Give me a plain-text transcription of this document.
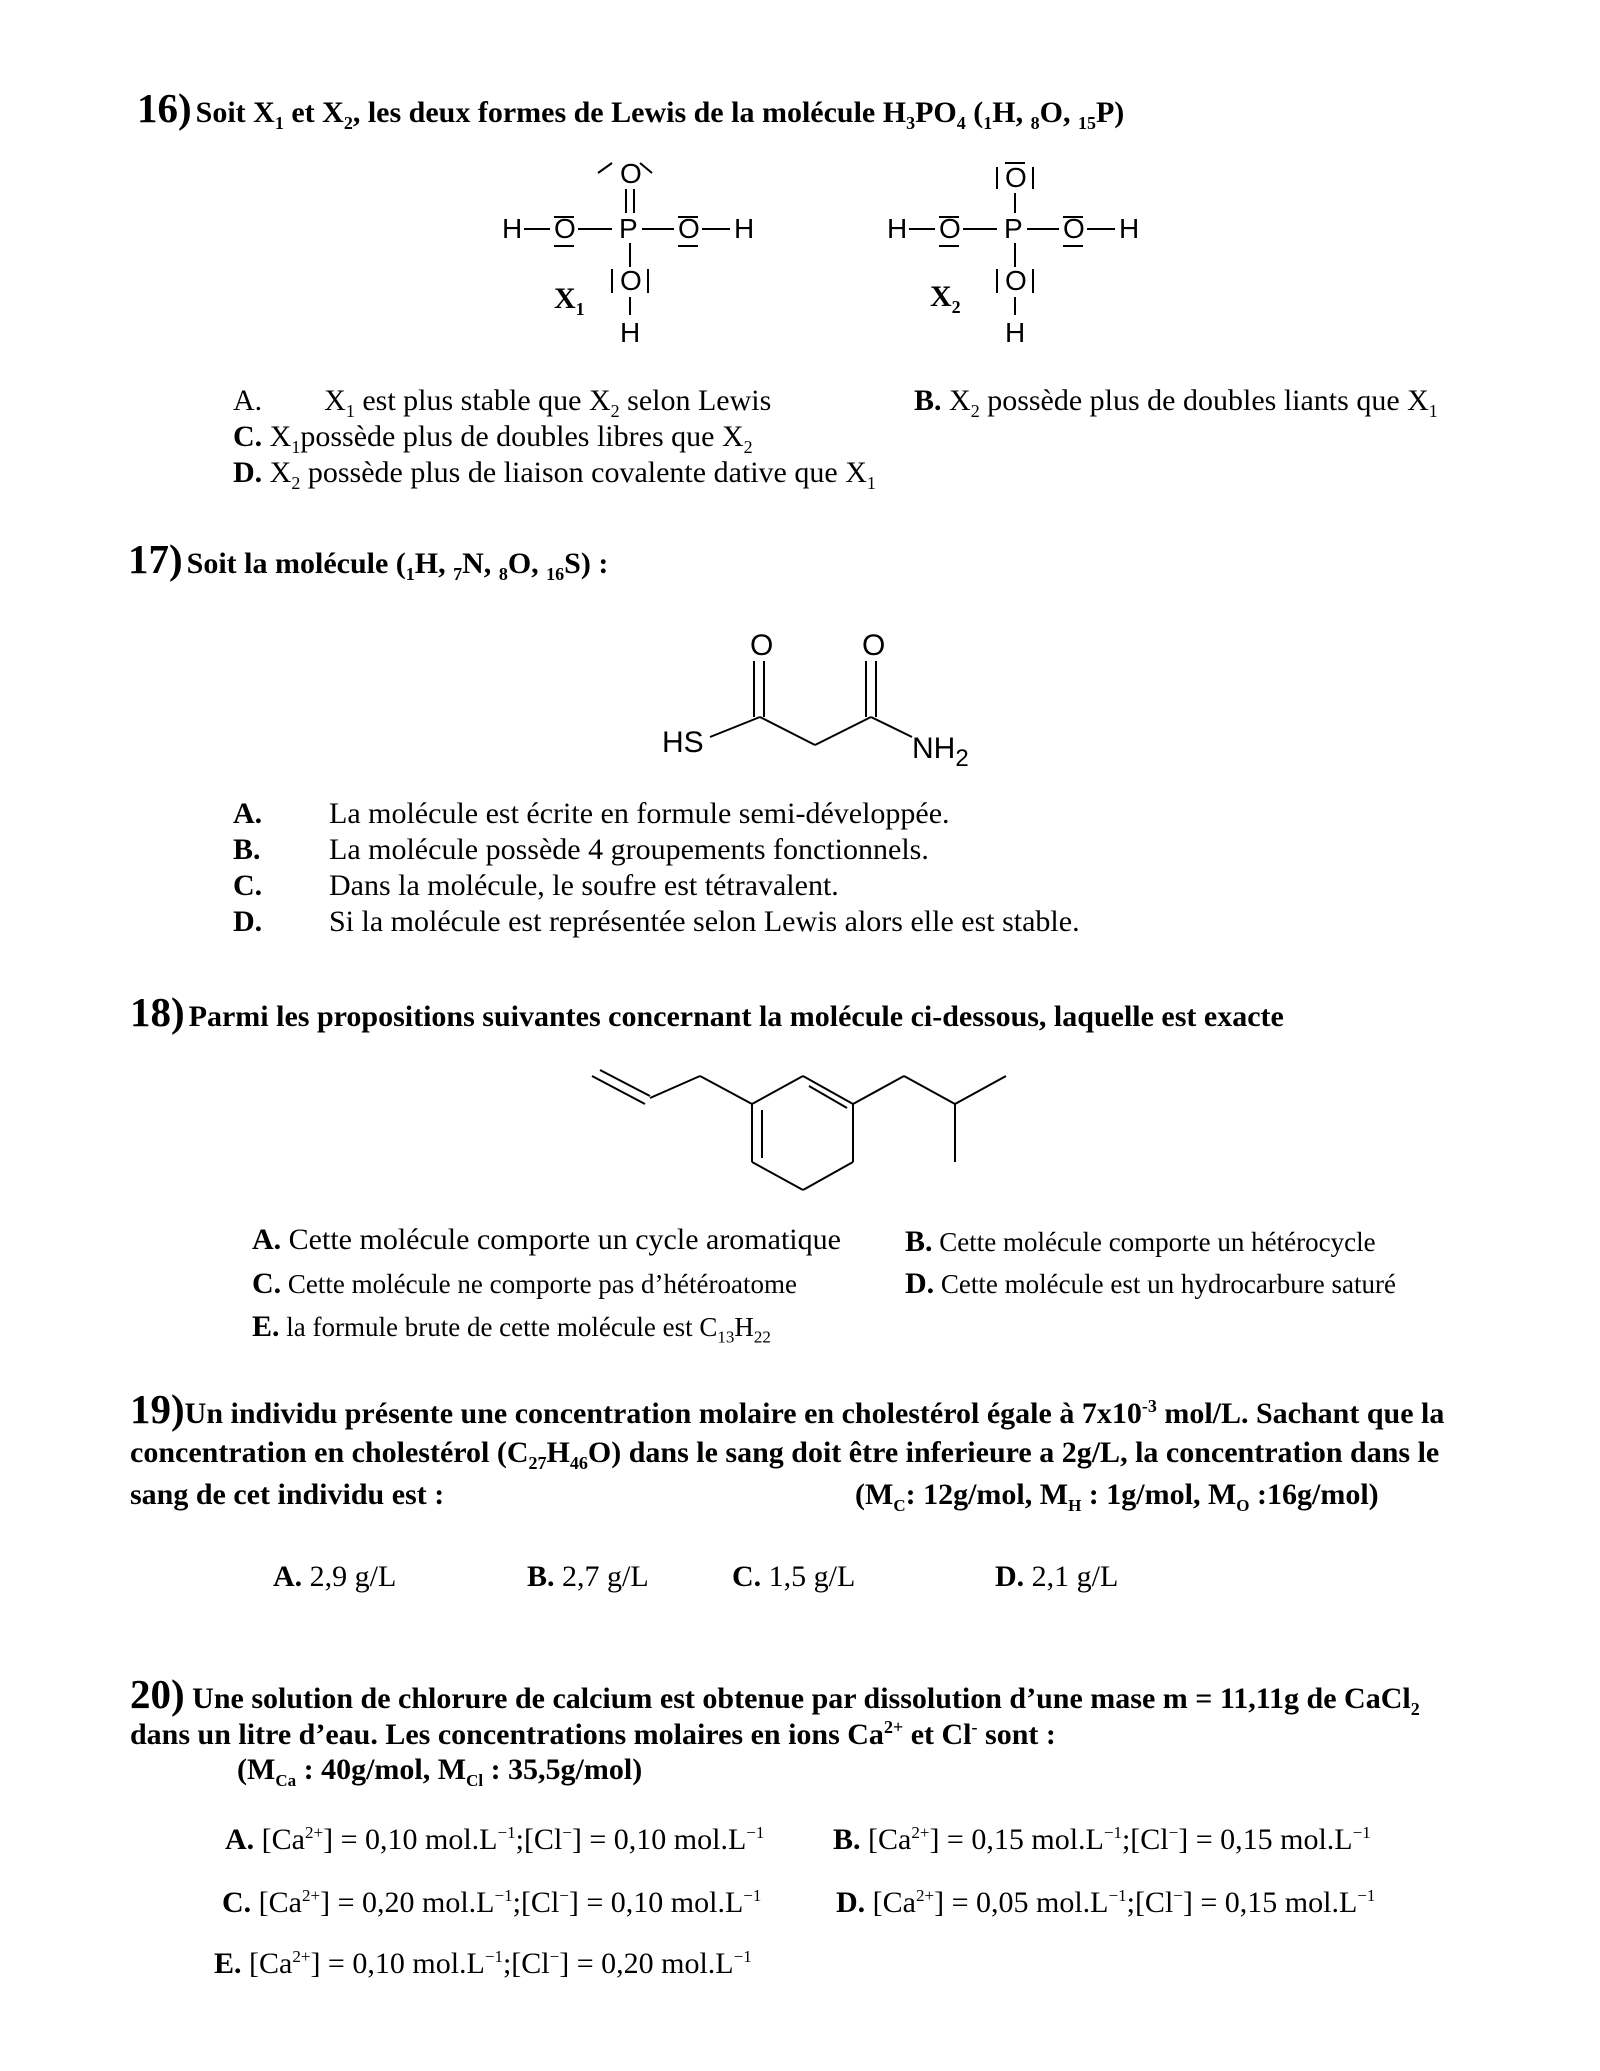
16) Soit $X_1$ et $X_2$, les deux formes de Lewis de la molécule $H_3PO_4$ ($_1H$, $_8$O, $_{15}$P)
O
H O P O H
O
H
$X_1$
O
H O P O H
O
H
$X_2$
A. $X_1$ est plus stable que $X_2$ selon Lewis	B. $X_2$ possède plus de doubles liants que $X_1$
C. $X_1possède$ plus de doubles libres que $X_2$
D. $X_2$ possède plus de liaison covalente dative que $X_1$
17) Soit la molécule ($_1H$, $_7$N, $_8$O, $_{16}$S) :
O	O
HS	$NH_2$
A. La molécule est écrite en formule semi-développée.
B. La molécule possède 4 groupements fonctionnels.
C. Dans la molécule, le soufre est tétravalent.
D. Si la molécule est représentée selon Lewis alors elle est stable.
18) Parmi les propositions suivantes concernant la molécule ci-dessous, laquelle est exacte
A. Cette molécule comporte un cycle aromatique B. Cette molécule comporte un hétérocycle
C. Cette molécule ne comporte pas d’hétéroatome	D. Cette molécule est un hydrocarbure saturé
E. la formule brute de cette molécule est $C_{13}H_{22}$
19)Un individu présente une concentration molaire en cholestérol égale à $7x10^{-3}$ mol/L. Sachant que la
concentration en cholestérol $(C_{27}H_{46}O)$ dans le sang doit être inferieure a 2g/L, la concentration dans le
sang de cet individu est :	($M_C$: 12g/mol, $M_H$ : 1g/mol, $M_O$ :16g/mol)
A. 2,9 g/L	B. 2,7 g/L	C. 1,5 g/L	D. 2,1 g/L
20) Une solution de chlorure de calcium est obtenue par dissolution d’une mase m = 11,11g de CaCl$_2$
dans un litre d’eau. Les concentrations molaires en ions $Ca^{2+}$ et Cl- sont :
($M_{Ca}$ : 40g/mol, $M_{Cl}$ : 35,5g/mol)
A. $[Ca^{2+}] = 0,10$ $mol.L^{-1};[Cl^-] = 0,10$ $mol.L^{-1}$ B. $[Ca^{2+}] = 0,15$ $mol.L^{-1};[Cl^-] = 0,15$ $mol.L^{-1}$
C. $[Ca^{2+}] = 0,20$ $mol.L^{-1};[Cl^-] = 0,10$ $mol.L^{-1}$ D. $[Ca^{2+}] = 0,05$ $mol.L^{-1};[Cl^-] = 0,15$ $mol.L^{-1}$
E. $[Ca^{2+}] = 0,10$ $mol.L^{-1};[Cl^-] = 0,20$ $mol.L^{-1}$
